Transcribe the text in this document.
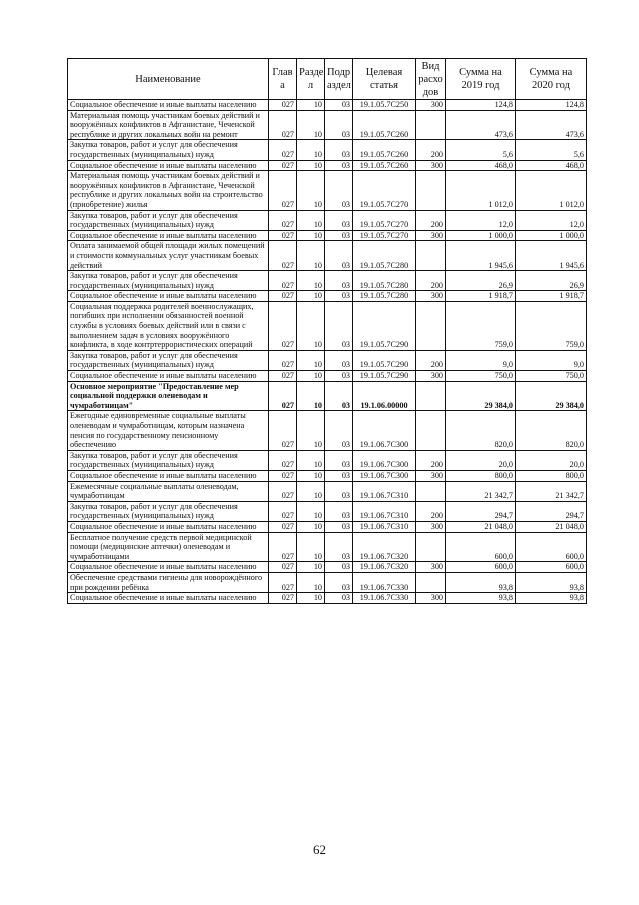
Наименование	Глав а	Разде л	Подр аздел	Целевая статья	Вид расхо дов	Сумма на 2019 год	Сумма на 2020 год
Социальное обеспечение и иные выплаты населению	027	10	03	19.1.05.7С250	300	124,8	124,8
Материальная помощь участникам боевых действий и вооружённых конфликтов в Афганистане, Чеченской республике и других локальных войн на ремонт	027	10	03	19.1.05.7С260		473,6	473,6
Закупка товаров, работ и услуг для обеспечения государственных (муниципальных) нужд	027	10	03	19.1.05.7С260	200	5,6	5,6
Социальное обеспечение и иные выплаты населению	027	10	03	19.1.05.7С260	300	468,0	468,0
Материальная помощь участникам боевых действий и вооружённых конфликтов в Афганистане, Чеченской республике и других локальных войн на строительство (приобретение) жилья	027	10	03	19.1.05.7С270		1 012,0	1 012,0
Закупка товаров, работ и услуг для обеспечения государственных (муниципальных) нужд	027	10	03	19.1.05.7С270	200	12,0	12,0
Социальное обеспечение и иные выплаты населению	027	10	03	19.1.05.7С270	300	1 000,0	1 000,0
Оплата занимаемой общей площади жилых помещений и стоимости коммунальных услуг участникам боевых действий	027	10	03	19.1.05.7С280		1 945,6	1 945,6
Закупка товаров, работ и услуг для обеспечения государственных (муниципальных) нужд	027	10	03	19.1.05.7С280	200	26,9	26,9
Социальное обеспечение и иные выплаты населению	027	10	03	19.1.05.7С280	300	1 918,7	1 918,7
Социальная поддержка родителей военнослужащих, погибших при исполнении обязанностей военной службы в условиях боевых действий или в связи с выполнением задач в условиях вооружённого конфликта, в ходе контртеррористических операций	027	10	03	19.1.05.7С290		759,0	759,0
Закупка товаров, работ и услуг для обеспечения государственных (муниципальных) нужд	027	10	03	19.1.05.7С290	200	9,0	9,0
Социальное обеспечение и иные выплаты населению	027	10	03	19.1.05.7С290	300	750,0	750,0
Основное мероприятие "Предоставление мер социальной поддержки оленеводам и чумработницам"	027	10	03	19.1.06.00000		29 384,0	29 384,0
Ежегодные единовременные социальные выплаты оленеводам и чумработницам, которым назначена пенсия по государственному пенсионному обеспечению	027	10	03	19.1.06.7С300		820,0	820,0
Закупка товаров, работ и услуг для обеспечения государственных (муниципальных) нужд	027	10	03	19.1.06.7С300	200	20,0	20,0
Социальное обеспечение и иные выплаты населению	027	10	03	19.1.06.7С300	300	800,0	800,0
Ежемесячные социальные выплаты оленеводам, чумработницам	027	10	03	19.1.06.7С310		21 342,7	21 342,7
Закупка товаров, работ и услуг для обеспечения государственных (муниципальных) нужд	027	10	03	19.1.06.7С310	200	294,7	294,7
Социальное обеспечение и иные выплаты населению	027	10	03	19.1.06.7С310	300	21 048,0	21 048,0
Бесплатное получение средств первой медицинской помощи (медицинские аптечки) оленеводам и чумработницами	027	10	03	19.1.06.7С320		600,0	600,0
Социальное обеспечение и иные выплаты населению	027	10	03	19.1.06.7С320	300	600,0	600,0
Обеспечение средствами гигиены для новорождённого при рождении ребёнка	027	10	03	19.1.06.7С330		93,8	93,8
Социальное обеспечение и иные выплаты населению	027	10	03	19.1.06.7С330	300	93,8	93,8
62
